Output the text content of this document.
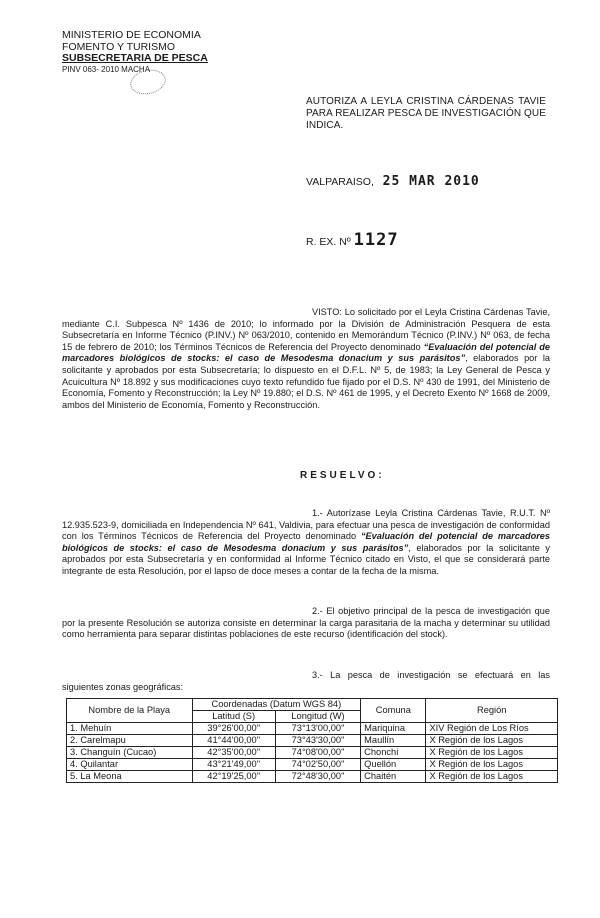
MINISTERIO DE ECONOMIA
FOMENTO Y TURISMO
SUBSECRETARIA DE PESCA
PINV 063- 2010 MACHA
AUTORIZA A LEYLA CRISTINA CÁRDENAS TAVIE PARA REALIZAR PESCA DE INVESTIGACIÓN QUE INDICA.
VALPARAISO, 25 MAR 2010
R. EX. Nº 1127
VISTO: Lo solicitado por el Leyla Cristina Cárdenas Tavie, mediante C.I. Subpesca Nº 1436 de 2010; lo informado por la División de Administración Pesquera de esta Subsecretaría en Informe Técnico (P.INV.) Nº 063/2010, contenido en Memorándum Técnico (P.INV.) Nº 063, de fecha 15 de febrero de 2010; los Términos Técnicos de Referencia del Proyecto denominado “Evaluación del potencial de marcadores biológicos de stocks: el caso de Mesodesma donacium y sus parásitos”, elaborados por la solicitante y aprobados por esta Subsecretaría; lo dispuesto en el D.F.L. Nº 5, de 1983; la Ley General de Pesca y Acuicultura Nº 18.892 y sus modificaciones cuyo texto refundido fue fijado por el D.S. Nº 430 de 1991, del Ministerio de Economía, Fomento y Reconstrucción; la Ley Nº 19.880; el D.S. Nº 461 de 1995, y el Decreto Exento Nº 1668 de 2009, ambos del Ministerio de Economía, Fomento y Reconstrucción.
RESUELVO:
1.- Autorízase Leyla Cristina Cárdenas Tavie, R.U.T. Nº 12.935.523-9, domiciliada en Independencia Nº 641, Valdivia, para efectuar una pesca de investigación de conformidad con los Términos Técnicos de Referencia del Proyecto denominado “Evaluación del potencial de marcadores biológicos de stocks: el caso de Mesodesma donacium y sus parásitos”, elaborados por la solicitante y aprobados por esta Subsecretaría y en conformidad al Informe Técnico citado en Visto, el que se considerará parte integrante de esta Resolución, por el lapso de doce meses a contar de la fecha de la misma.
2.- El objetivo principal de la pesca de investigación que por la presente Resolución se autoriza consiste en determinar la carga parasitaria de la macha y determinar su utilidad como herramienta para separar distintas poblaciones de este recurso (identificación del stock).
3.- La pesca de investigación se efectuará en las siguientes zonas geográficas:
Nombre de la Playa	Coordenadas (Datum WGS 84)		Comuna	Región
	Latitud (S)	Longitud (W)		
1. Mehuín	39°26'00,00"	73°13'00,00"	Mariquina	XIV Región de Los Ríos
2. Carelmapu	41°44'00,00"	73°43'30,00"	Maullín	X Región de los Lagos
3. Changuín (Cucao)	42°35'00,00"	74°08'00,00"	Chonchi	X Región de los Lagos
4. Quilantar	43°21'49,00"	74°02'50,00"	Quellón	X Región de los Lagos
5. La Meona	42°19'25,00"	72°48'30,00"	Chaitén	X Región de los Lagos
